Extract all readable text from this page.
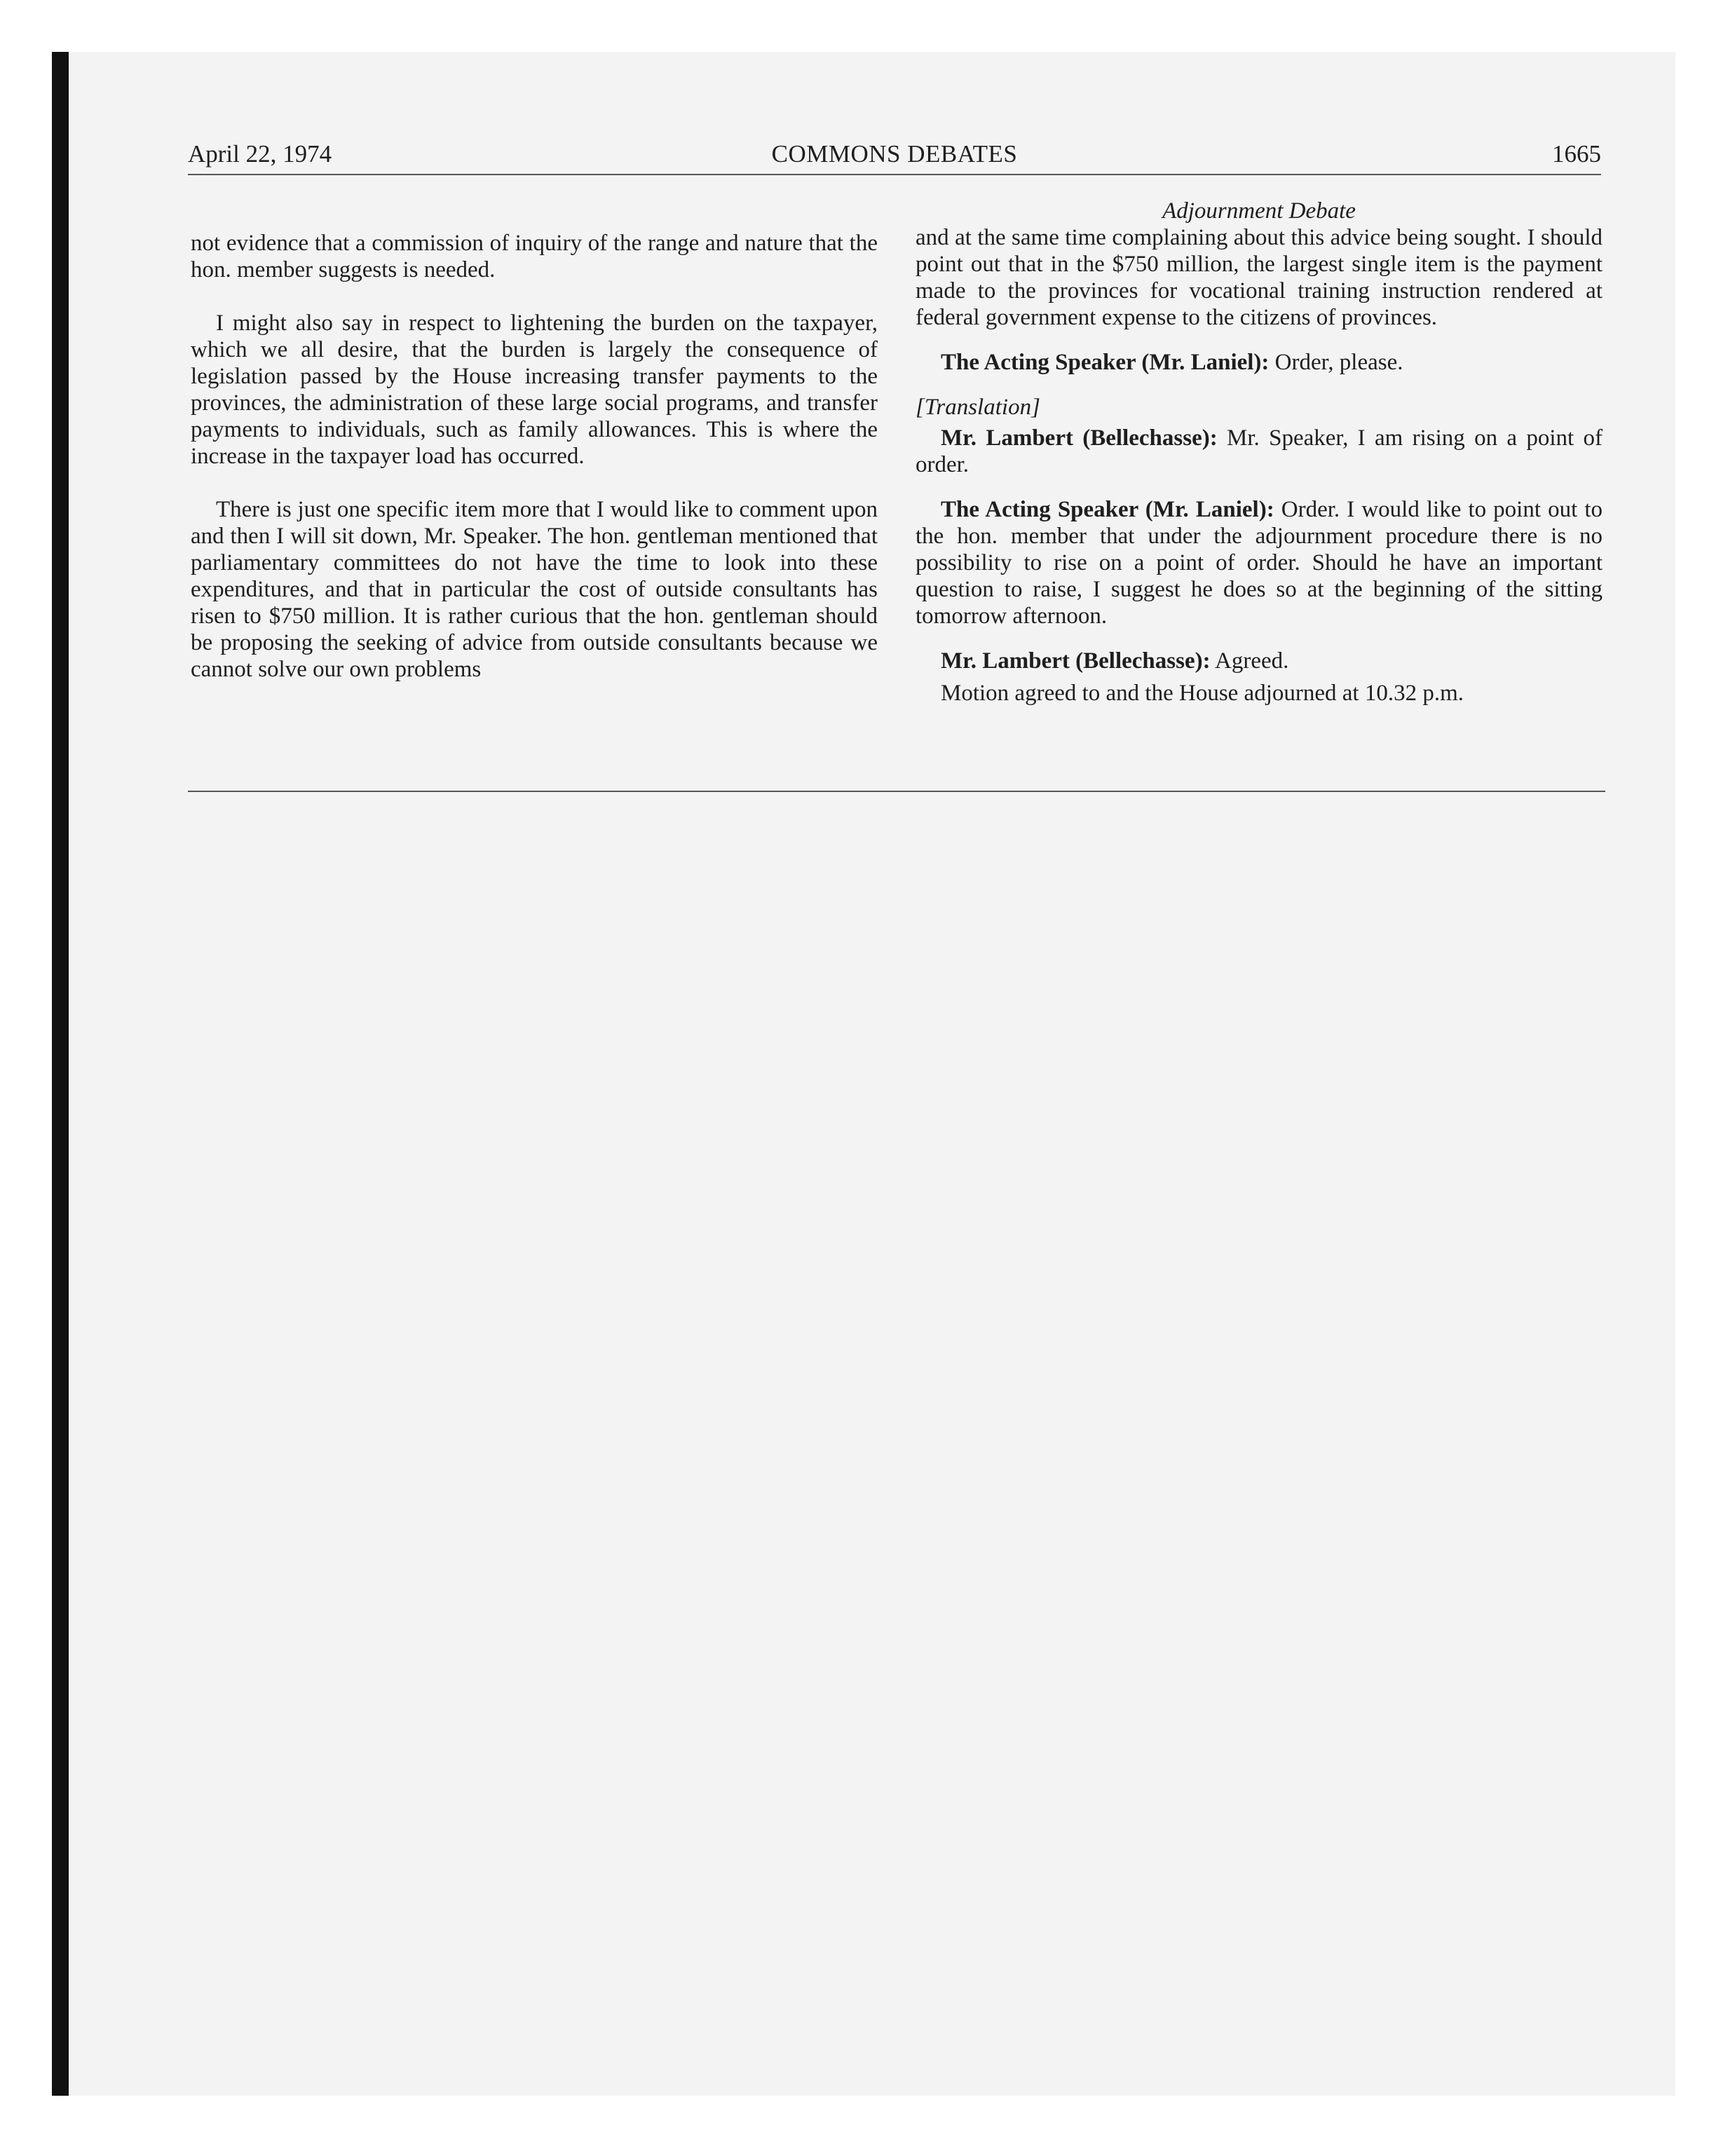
April 22, 1974	COMMONS DEBATES	1665

not evidence that a commission of inquiry of the range and nature that the hon. member suggests is needed.

I might also say in respect to lightening the burden on the taxpayer, which we all desire, that the burden is largely the consequence of legislation passed by the House increasing transfer payments to the provinces, the administration of these large social programs, and transfer payments to individuals, such as family allowances. This is where the increase in the taxpayer load has occurred.

There is just one specific item more that I would like to comment upon and then I will sit down, Mr. Speaker. The hon. gentleman mentioned that parliamentary committees do not have the time to look into these expenditures, and that in particular the cost of outside consultants has risen to $750 million. It is rather curious that the hon. gentleman should be proposing the seeking of advice from outside consultants because we cannot solve our own problems

Adjournment Debate

and at the same time complaining about this advice being sought. I should point out that in the $750 million, the largest single item is the payment made to the provinces for vocational training instruction rendered at federal government expense to the citizens of provinces.

The Acting Speaker (Mr. Laniel): Order, please.

[Translation]

Mr. Lambert (Bellechasse): Mr. Speaker, I am rising on a point of order.

The Acting Speaker (Mr. Laniel): Order. I would like to point out to the hon. member that under the adjournment procedure there is no possibility to rise on a point of order. Should he have an important question to raise, I suggest he does so at the beginning of the sitting tomorrow afternoon.

Mr. Lambert (Bellechasse): Agreed.

Motion agreed to and the House adjourned at 10.32 p.m.
